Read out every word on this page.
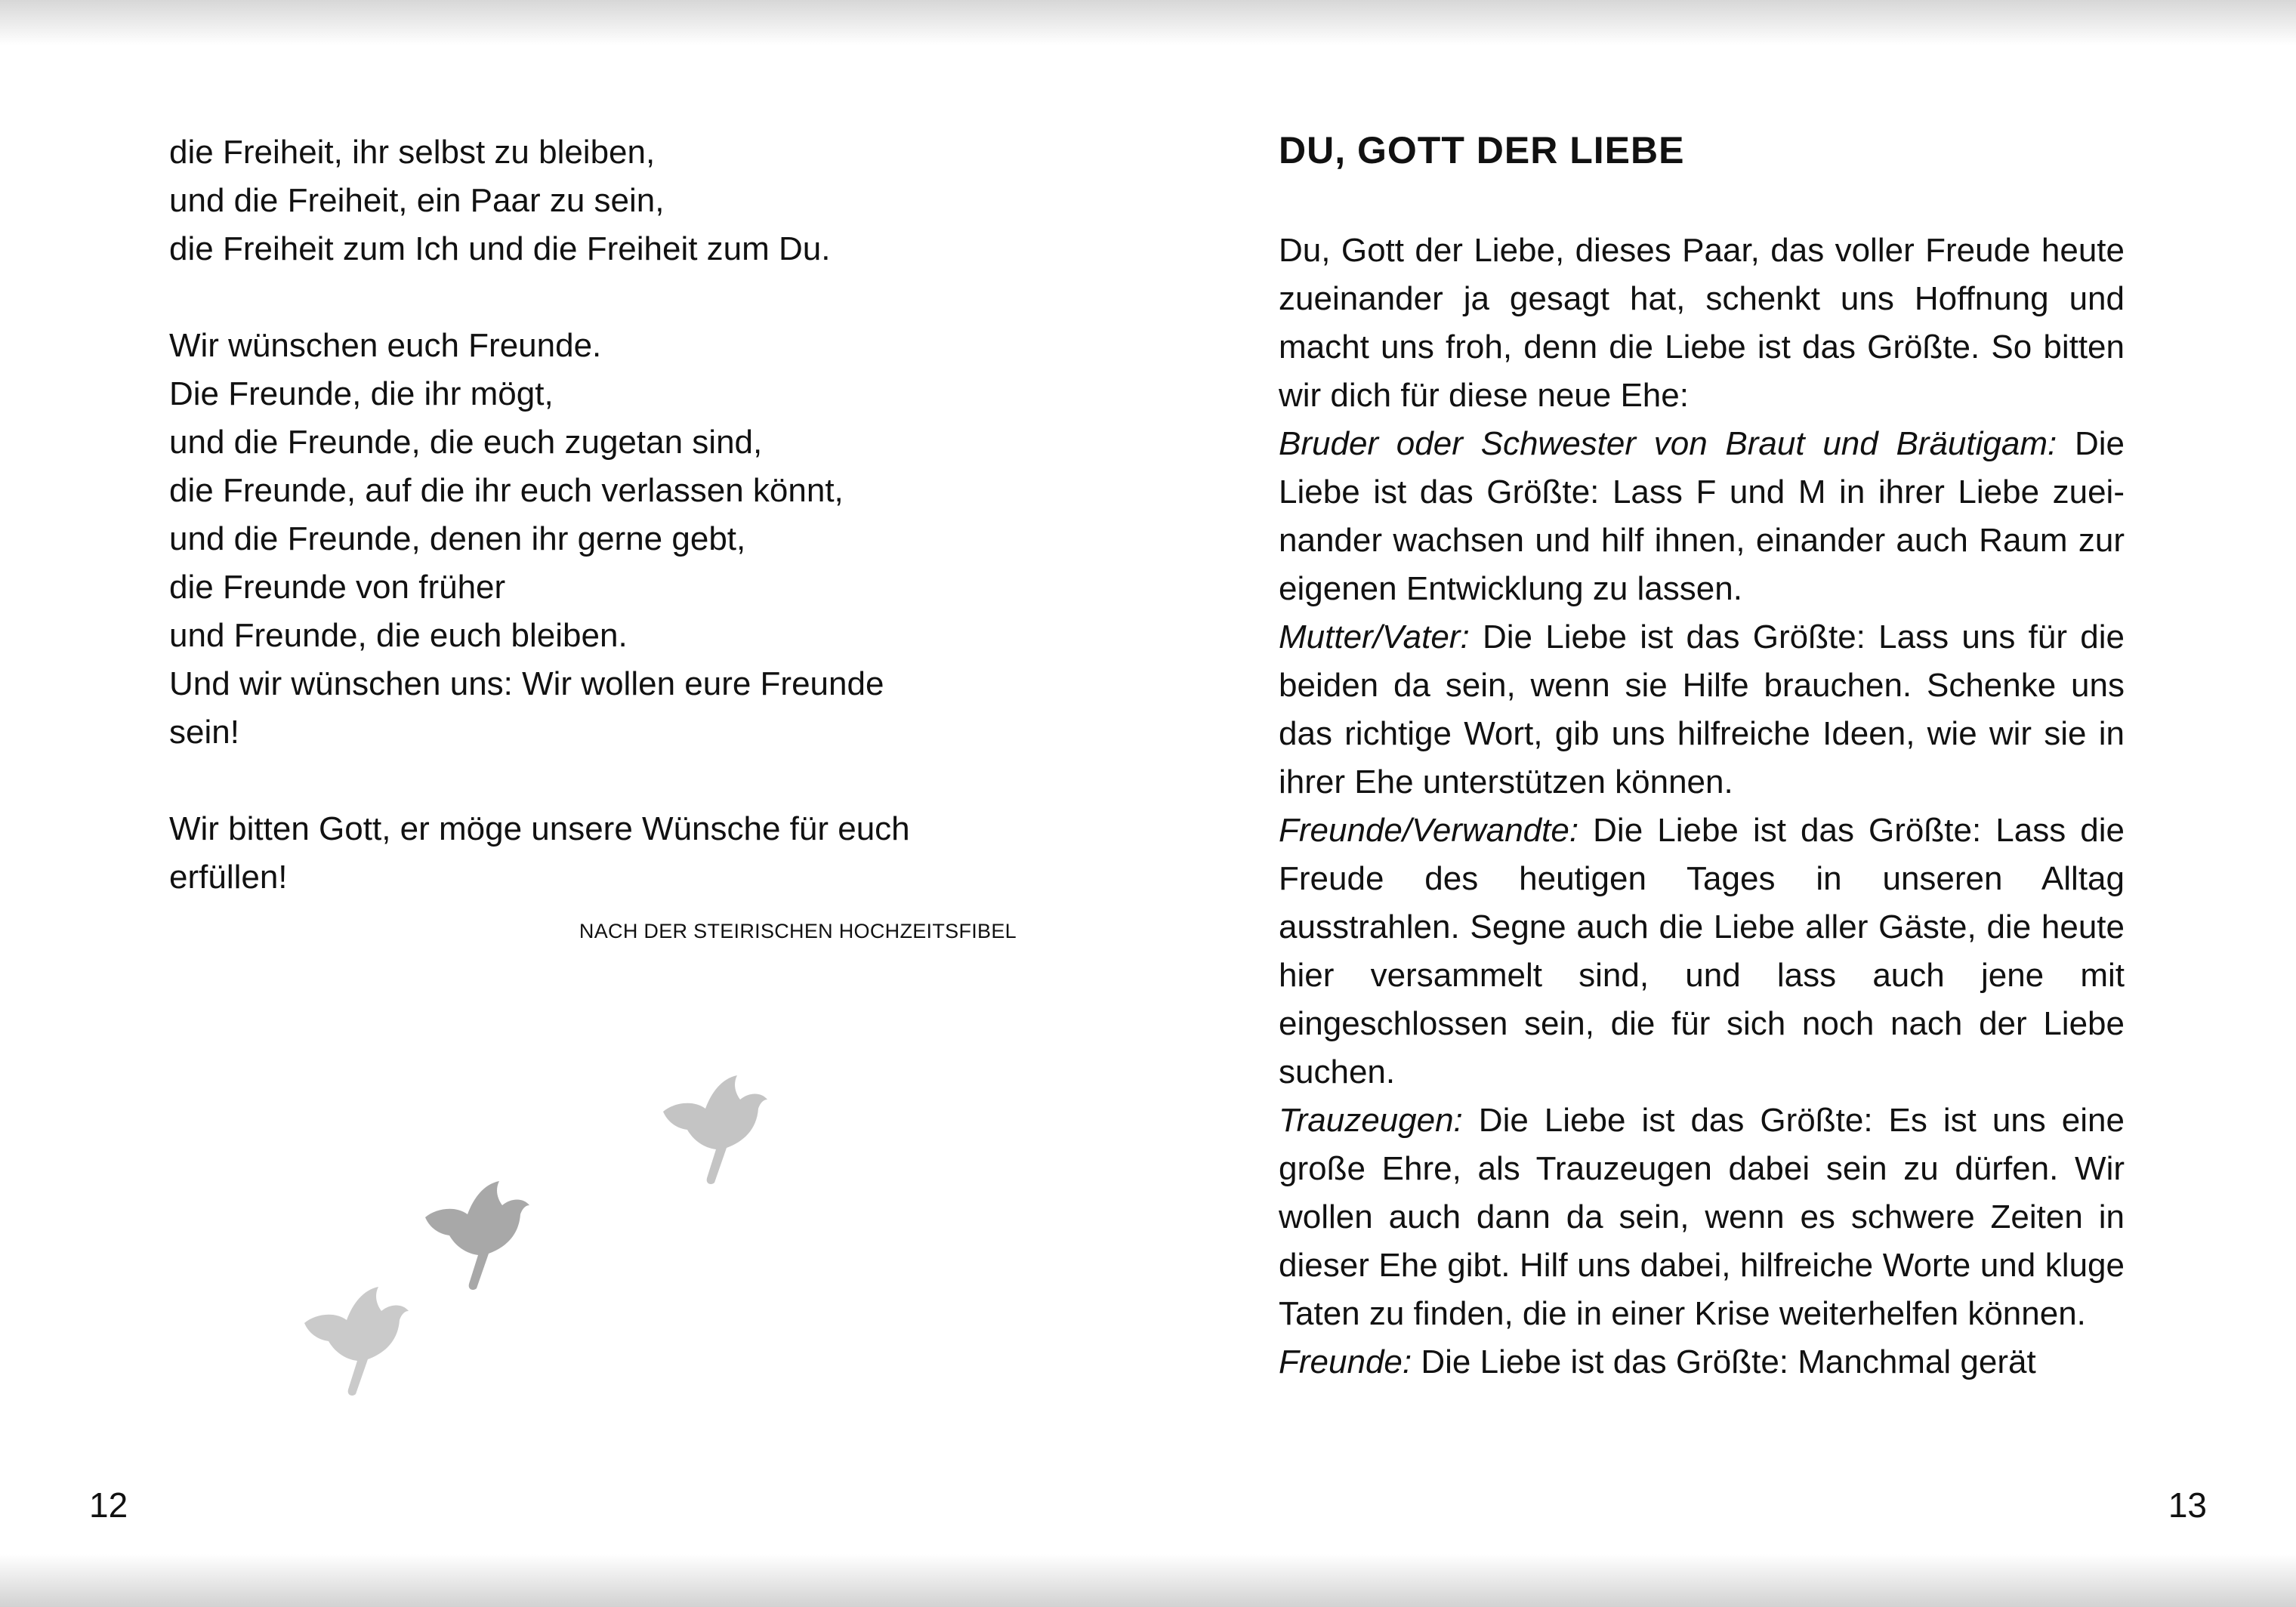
die Freiheit, ihr selbst zu bleiben,
und die Freiheit, ein Paar zu sein,
die Freiheit zum Ich und die Freiheit zum Du.
Wir wünschen euch Freunde.
Die Freunde, die ihr mögt,
und die Freunde, die euch zugetan sind,
die Freunde, auf die ihr euch verlassen könnt,
und die Freunde, denen ihr gerne gebt,
die Freunde von früher
und Freunde, die euch bleiben.
Und wir wünschen uns: Wir wollen eure Freunde
sein!
Wir bitten Gott, er möge unsere Wünsche für euch
erfüllen!
NACH DER STEIRISCHEN HOCHZEITSFIBEL
12
DU, GOTT DER LIEBE

Du, Gott der Liebe, dieses Paar, das voller Freude heute zueinander ja gesagt hat, schenkt uns Hoffnung und macht uns froh, denn die Liebe ist das Größte. So bitten wir dich für diese neue Ehe:

Bruder oder Schwester von Braut und Bräutigam: Die Liebe ist das Größte: Lass F und M in ihrer Liebe zueinander wachsen und hilf ihnen, einander auch Raum zur eigenen Entwicklung zu lassen.

Mutter/Vater: Die Liebe ist das Größte: Lass uns für die beiden da sein, wenn sie Hilfe brauchen. Schenke uns das richtige Wort, gib uns hilfreiche Ideen, wie wir sie in ihrer Ehe unterstützen können.

Freunde/Verwandte: Die Liebe ist das Größte: Lass die Freude des heutigen Tages in unseren Alltag ausstrahlen. Segne auch die Liebe aller Gäste, die heute hier versammelt sind, und lass auch jene mit eingeschlossen sein, die für sich noch nach der Liebe suchen.

Trauzeugen: Die Liebe ist das Größte: Es ist uns eine große Ehre, als Trauzeugen dabei sein zu dürfen. Wir wollen auch dann da sein, wenn es schwere Zeiten in dieser Ehe gibt. Hilf uns dabei, hilfreiche Worte und kluge Taten zu finden, die in einer Krise weiterhelfen können.

Freunde: Die Liebe ist das Größte: Manchmal gerät

13
